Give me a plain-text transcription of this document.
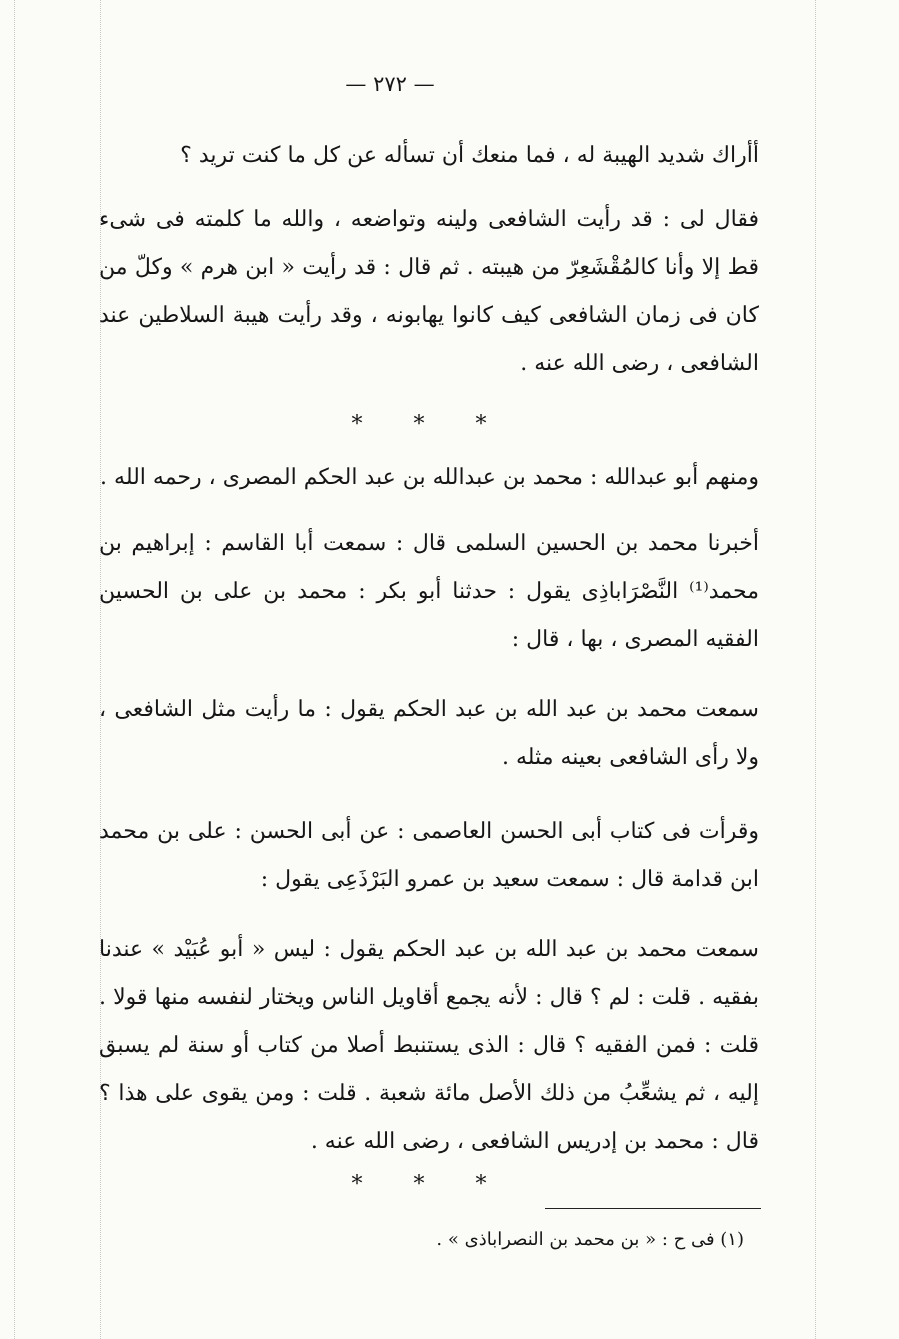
— ٢٧٢ —
أأراك شديد الهيبة له ، فما منعك أن تسأله عن كل ما كنت تريد ؟
فقال لى : قد رأيت الشافعى ولينه وتواضعه ، والله ما كلمته فى شىء قط إلا وأنا كالمُقْشَعِرّ من هيبته . ثم قال : قد رأيت « ابن هرم » وكلّ من كان فى زمان الشافعى كيف كانوا يهابونه ، وقد رأيت هيبة السلاطين عند الشافعى ، رضى الله عنه .
* * *
ومنهم أبو عبدالله : محمد بن عبدالله بن عبد الحكم المصرى ، رحمه الله .
أخبرنا محمد بن الحسين السلمى قال : سمعت أبا القاسم : إبراهيم بن محمد⁽¹⁾ النَّصْرَاباذِى يقول : حدثنا أبو بكر : محمد بن على بن الحسين الفقيه المصرى ، بها ، قال :
سمعت محمد بن عبد الله بن عبد الحكم يقول : ما رأيت مثل الشافعى ، ولا رأى الشافعى بعينه مثله .
وقرأت فى كتاب أبى الحسن العاصمى : عن أبى الحسن : على بن محمد ابن قدامة قال : سمعت سعيد بن عمرو البَرْذَعِى يقول :
سمعت محمد بن عبد الله بن عبد الحكم يقول : ليس « أبو عُبَيْد » عندنا بفقيه . قلت : لم ؟ قال : لأنه يجمع أقاويل الناس ويختار لنفسه منها قولا . قلت : فمن الفقيه ؟ قال : الذى يستنبط أصلا من كتاب أو سنة لم يسبق إليه ، ثم يشعِّبُ من ذلك الأصل مائة شعبة . قلت : ومن يقوى على هذا ؟ قال : محمد بن إدريس الشافعى ، رضى الله عنه .
* * *
(١) فى ح : « بن محمد بن النصراباذى » .
